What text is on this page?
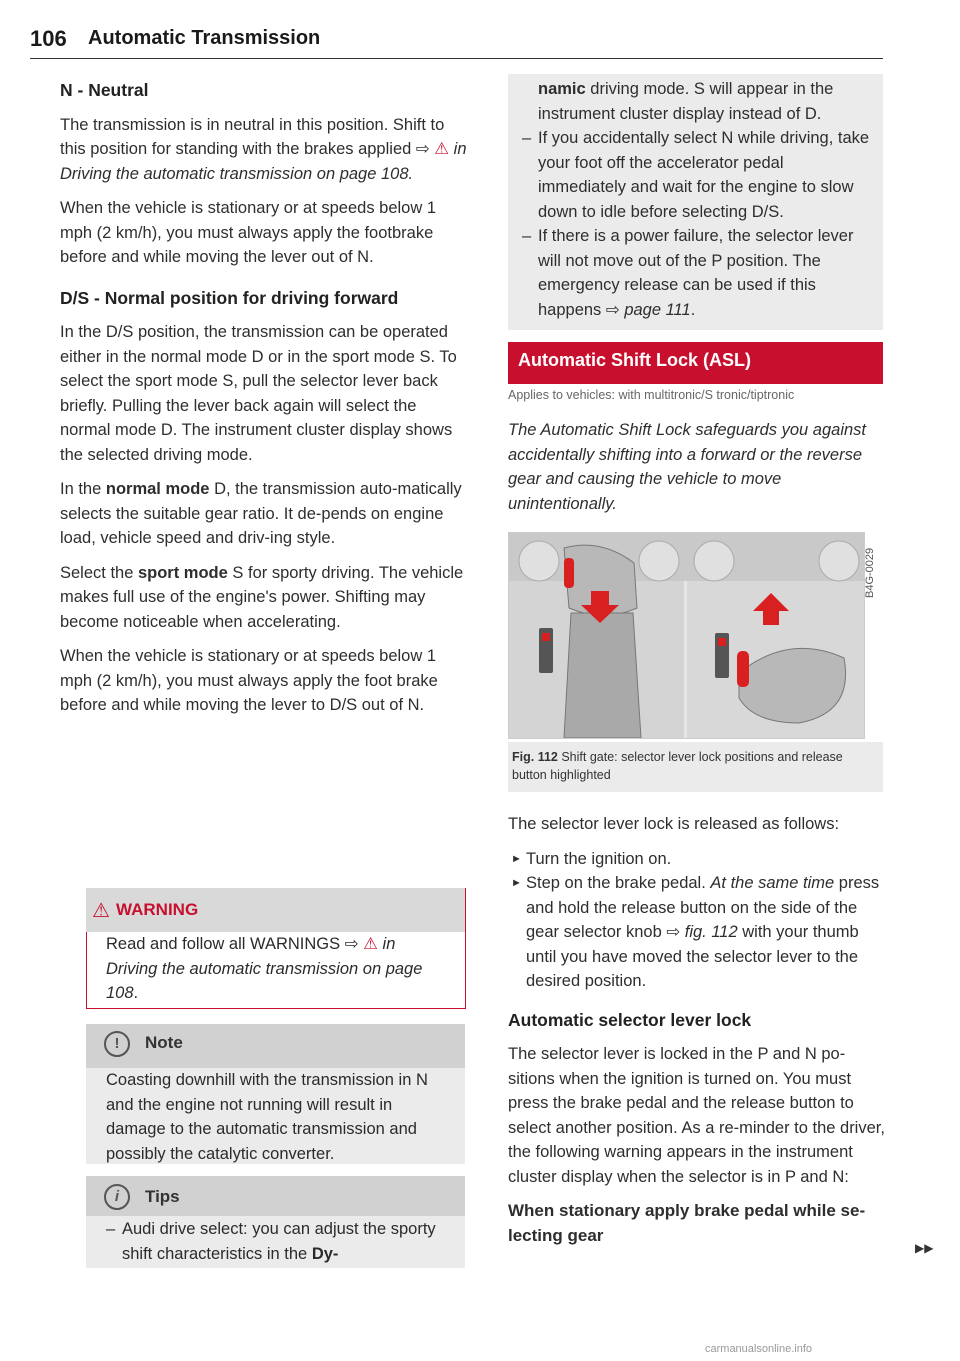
106 Automatic Transmission
N - Neutral

The transmission is in neutral in this position. Shift to this position for standing with the brakes applied ⇨ ⚠ in Driving the automatic transmission on page 108.

When the vehicle is stationary or at speeds below 1 mph (2 km/h), you must always apply the footbrake before and while moving the lever out of N.

D/S - Normal position for driving forward

In the D/S position, the transmission can be operated either in the normal mode D or in the sport mode S. To select the sport mode S, pull the selector lever back briefly. Pulling the lever back again will select the normal mode D. The instrument cluster display shows the selected driving mode.

In the normal mode D, the transmission auto-matically selects the suitable gear ratio. It de-pends on engine load, vehicle speed and driv-ing style.

Select the sport mode S for sporty driving. The vehicle makes full use of the engine's power. Shifting may become noticeable when accelerating.

When the vehicle is stationary or at speeds below 1 mph (2 km/h), you must always apply the foot brake before and while moving the lever to D/S out of N.

⚠ WARNING
Read and follow all WARNINGS ⇨ ⚠ in Driving the automatic transmission on page 108.
!	Note
Coasting downhill with the transmission in N and the engine not running will result in damage to the automatic transmission and possibly the catalytic converter.
i	Tips
– Audi drive select: you can adjust the sporty shift characteristics in the Dy-

namic driving mode. S will appear in the instrument cluster display instead of D.

– If you accidentally select N while driving, take your foot off the accelerator pedal immediately and wait for the engine to slow down to idle before selecting D/S.

– If there is a power failure, the selector lever will not move out of the P position. The emergency release can be used if this happens ⇨ page 111.

Automatic Shift Lock (ASL)
Applies to vehicles: with multitronic/S tronic/tiptronic
The Automatic Shift Lock safeguards you against accidentally shifting into a forward or the reverse gear and causing the vehicle to move unintentionally.
B4G-0029
Fig. 112 Shift gate: selector lever lock positions and release button highlighted

The selector lever lock is released as follows:

► Turn the ignition on.

► Step on the brake pedal. At the same time press and hold the release button on the side of the gear selector knob ⇨ fig. 112 with your thumb until you have moved the selector lever to the desired position.

Automatic selector lever lock

The selector lever is locked in the P and N po-sitions when the ignition is turned on. You must press the brake pedal and the release button to select another position. As a re-minder to the driver, the following warning appears in the instrument cluster display when the selector is in P and N:

When stationary apply brake pedal while se-lecting gear

▶▶
carmanualsonline.info
